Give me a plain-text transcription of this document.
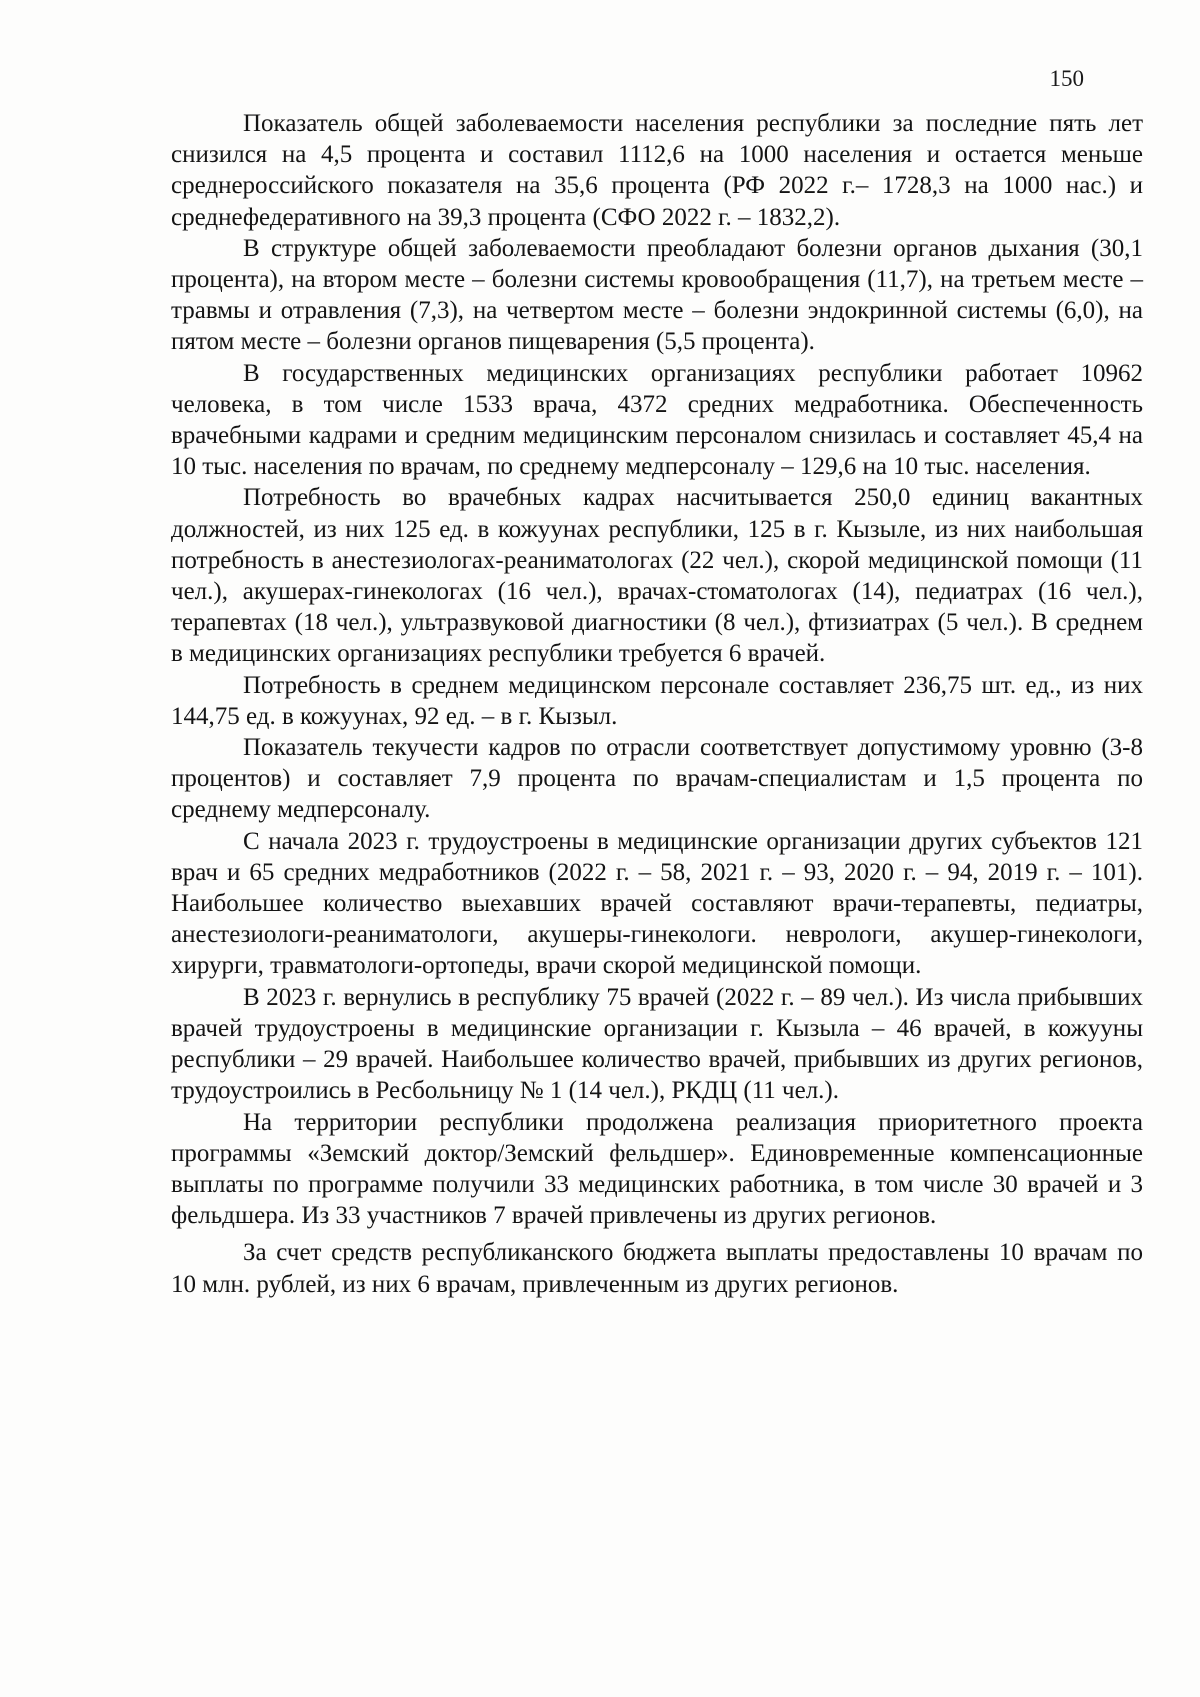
150

Показатель общей заболеваемости населения республики за последние пять лет снизился на 4,5 процента и составил 1112,6 на 1000 населения и остается меньше среднероссийского показателя на 35,6 процента (РФ 2022 г.– 1728,3 на 1000 нас.) и среднефедеративного на 39,3 процента (СФО 2022 г. – 1832,2).

В структуре общей заболеваемости преобладают болезни органов дыхания (30,1 процента), на втором месте – болезни системы кровообращения (11,7), на третьем месте – травмы и отравления (7,3), на четвертом месте – болезни эндокринной системы (6,0), на пятом месте – болезни органов пищеварения (5,5 процента).

В государственных медицинских организациях республики работает 10962 человека, в том числе 1533 врача, 4372 средних медработника. Обеспеченность врачебными кадрами и средним медицинским персоналом снизилась и составляет 45,4 на 10 тыс. населения по врачам, по среднему медперсоналу – 129,6 на 10 тыс. населения.

Потребность во врачебных кадрах насчитывается 250,0 единиц вакантных должностей, из них 125 ед. в кожуунах республики, 125 в г. Кызыле, из них наибольшая потребность в анестезиологах-реаниматологах (22 чел.), скорой медицинской помощи (11 чел.), акушерах-гинекологах (16 чел.), врачах-стоматологах (14), педиатрах (16 чел.), терапевтах (18 чел.), ультразвуковой диагностики (8 чел.), фтизиатрах (5 чел.). В среднем в медицинских организациях республики требуется 6 врачей.

Потребность в среднем медицинском персонале составляет 236,75 шт. ед., из них 144,75 ед. в кожуунах, 92 ед. – в г. Кызыл.

Показатель текучести кадров по отрасли соответствует допустимому уровню (3-8 процентов) и составляет 7,9 процента по врачам-специалистам и 1,5 процента по среднему медперсоналу.

С начала 2023 г. трудоустроены в медицинские организации других субъектов 121 врач и 65 средних медработников (2022 г. – 58, 2021 г. – 93, 2020 г. – 94, 2019 г. – 101). Наибольшее количество выехавших врачей составляют врачи-терапевты, педиатры, анестезиологи-реаниматологи, акушеры-гинекологи. неврологи, акушер-гинекологи, хирурги, травматологи-ортопеды, врачи скорой медицинской помощи.

В 2023 г. вернулись в республику 75 врачей (2022 г. – 89 чел.). Из числа прибывших врачей трудоустроены в медицинские организации г. Кызыла – 46 врачей, в кожууны республики – 29 врачей. Наибольшее количество врачей, прибывших из других регионов, трудоустроились в Ресбольницу № 1 (14 чел.), РКДЦ (11 чел.).

На территории республики продолжена реализация приоритетного проекта программы «Земский доктор/Земский фельдшер». Единовременные компенсационные выплаты по программе получили 33 медицинских работника, в том числе 30 врачей и 3 фельдшера. Из 33 участников 7 врачей привлечены из других регионов.

За счет средств республиканского бюджета выплаты предоставлены 10 врачам по 10 млн. рублей, из них 6 врачам, привлеченным из других регионов.
